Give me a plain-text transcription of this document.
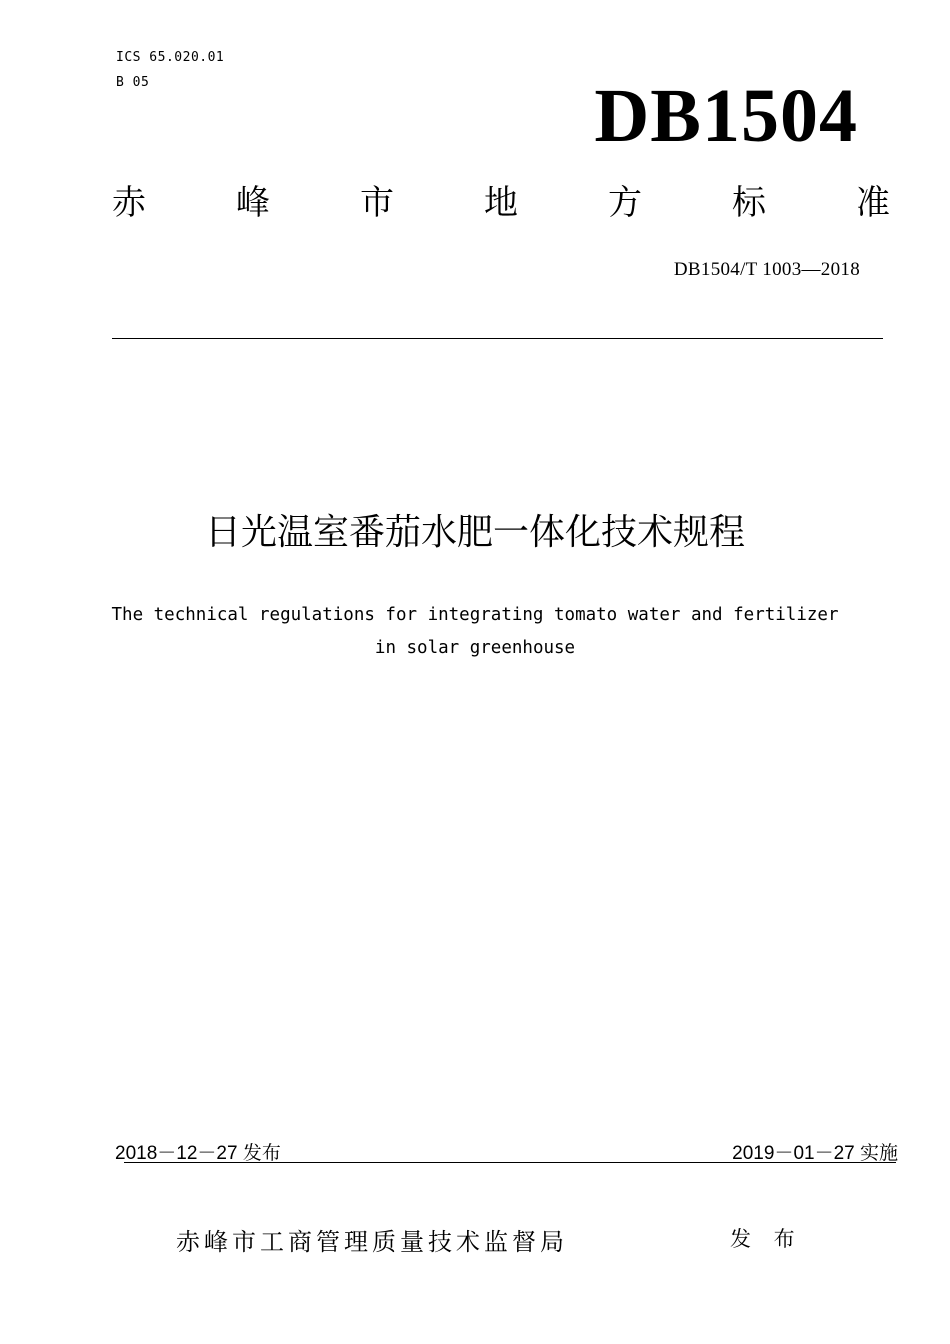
ICS 65.020.01
B 05	DB1504
赤	峰	市	地	方	标	准
DB1504/T 1003—2018
日光温室番茄水肥一体化技术规程
The technical regulations for integrating tomato water and fertilizer
in solar greenhouse
2018－12－27 发布	2019－01－27 实施
赤峰市工商管理质量技术监督局	发 布
